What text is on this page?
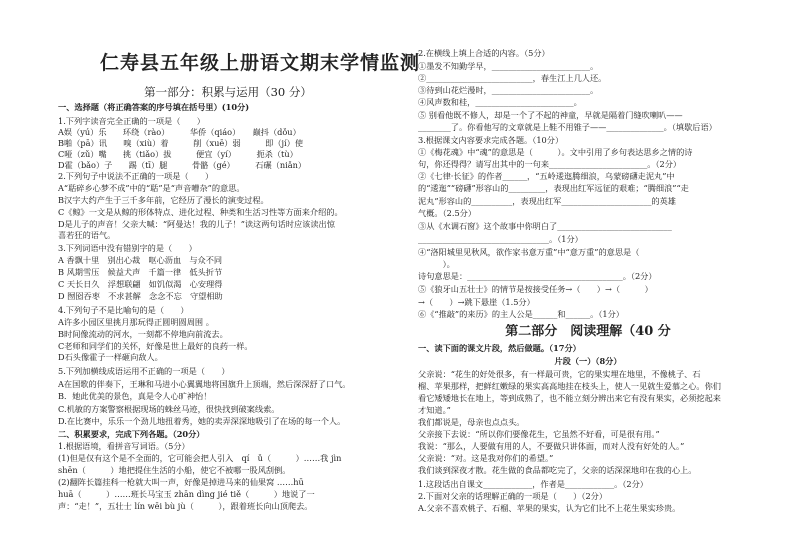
仁寿县五年级上册语文期末学情监测
第一部分：积累与运用（30 分）
一、选择题（将正确答案的序号填在括号里）(10分)
1.下列字读音完全正确的一项是（　　）
A娱（yú）乐　　环绕（rào）　　　华侨（qiáo）　　巅抖（dǒu）
B啪（pā）讯　　嗅（xiù）着　　　削（xuē）弱　　　即（jí）使
C哑（zǔ）嘴　　挑（tiǎo）拔　　　便宜（yí）　　　扼杀（tù）
D霍（bǎo）子　　踢（tī）腿　　　骨骼（gé）　　　石碾（niǎn）
2.下列句子中说法不正确的一项是（　　）
A“聒碎乡心梦不成”中的“聒”是“声音嘈杂”的意思。
B汉字大约产生于三千多年前，它经历了漫长的演变过程。
C《鲸》一文是从鲸的形体特点、进化过程、种类和生活习性等方面来介绍的。
D是儿子的声音！父亲大喊：“阿曼达！我的儿子！”读这两句话时应该读出惊
喜若狂的语气。
3.下列词语中没有错别字的是（　　）
A 香飘十里　别出心裁　呕心沥血　与众不同
B 风期雪压　候益犬声　千篇一律　低头折节
C 天长日久　浮想联翩　如饥似渴　心安理得
D 囫囵吞枣　不求甚解　念念不忘　守望相助
4.下列句子不是比喻句的是（　　）
A许多小园区里挑月那玩得正圆明圆周围 。
B时间像流动的河水，一刻都不停地向前流去。
C老师和同学们的关怀，好像是世上最好的良药一样。
D石头像霍子一样砸向敌人。
5.下列加横线成语运用不正确的一项是（　　）
A在国歌的伴奏下，王琳和马进小心翼翼地将国旗升上顶端，然后深深舒了口气。
B．她此优美的景色，真是令人心旷神怡！
C.机敏的方案警察根据现场的蛛丝马迹，很快找到破案线索。
D.在比赛中，乐乐一个劲儿地扭着秀，她的卖弄深深地吸引了在场的每一个人。
二、积累要求，完成下列各题。（20分）
1.根据语境，看拼音写词语。（5分）
(1)但是仅有这个是不全面的，它可能会把人引入　qí　ǔ（　　　）……我 jìn
shēn（　　　）地把提住生活的小船，使它不被哪一股风刮倒。
(2)翻阵长篇挂科一枪就大叫一声，好像是掉进马来的仙果窝 ……hū
huā（　　　）……班长马宝玉 zhān dìng jié tiě（　　　）地说了一
声：“走！”，五壮士 lín wēi bù jù（　　　），跟着班长向山顶爬去。
2.在横线上填上合适的内容。（5分）
①墨发不知勤学早，________________________。
②__________________________，春生江上几人还。
③待到山花烂漫时，________________________。
④风声数和桂，________________________。
⑤ 别看他既不修人，却是一个了不起的神童，早就是隔着门缝吹喇叭——
________了。你看他写的文章就是上鞋不用锥子——______________。（填歇后语）
3.根据课文内容要求完成各题。（10分）
①《梅花魂》中“魂”的意思是（　　　）。文中引用了乡句表达思乡之情的诗
句，你还得得？请写出其中的一句来________________________。（2分）
②《七律·长征》的作者______，“五岭逶迤腾细浪，乌蒙磅礴走泥丸”中
的“逶迤”“磅礴”形容山的_________，表现出红军远征的艰难；“腾细浪”“走
泥丸”形容山的__________，表现出红军______________________的英雄
气概。（2.5分）
③从《水调石窗》这个故事中你明白了____________________________
________________________________。（1分）
④“洛阳城里见秋风，欲作家书意万重”中“意万重”的意思是（
　　　）。
诗句意思是：______________________________________。（2分）
⑤《狼牙山五壮士》的情节是按接受任务→（　　）→（　　　）
→（　　）→跳下悬崖（1.5分）
⑥《“推敲”的来历》的主人公是______和______。（1分）
第二部分　阅读理解（40 分
一、读下面的课文片段，然后做题。（17分）
片段（一）（8分）
父亲说：“花生的好处很多，有一样最可贵，它的果实埋在地里，不像桃子、石
榴、苹果那样，把鲜红嫩绿的果实高高地挂在枝头上，使人一见就生爱慕之心。你们
看它矮矮地长在地上，等到成熟了，也不能立刻分辨出来它有没有果实，必须挖起来
才知道。”
我们都说是，母亲也点点头。
父亲接下去说：“所以你们要像花生，它虽然不好看，可是很有用。”
我说：“那么，人要做有用的人，不要做只讲体面，而对人没有好处的人。”
父亲说：“对。这是我对你们的希望。”
我们谈到深夜才散。花生做的食品都吃完了，父亲的话深深地印在我的心上。
1.这段话出自课文____________，作者是____________。（2分）
2.下面对父亲的话理解正确的一项是（　　）（2分）
A.父亲不喜欢桃子、石榴、苹果的果实，认为它们比不上花生果实珍贵。
